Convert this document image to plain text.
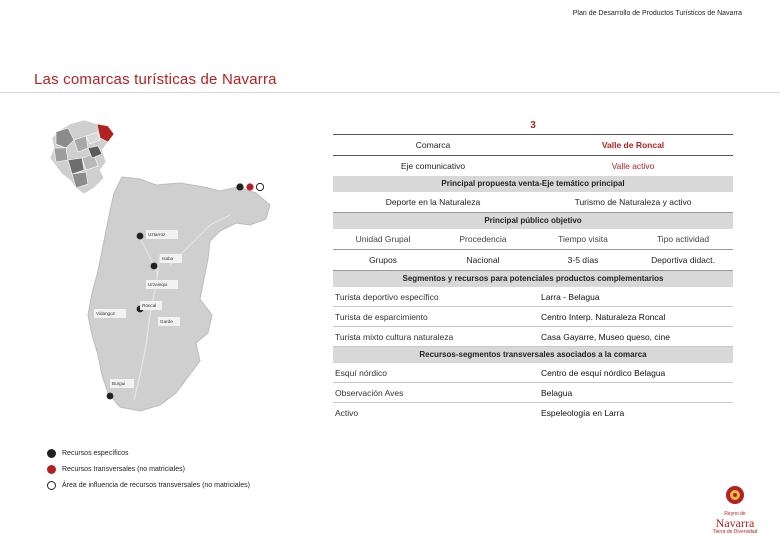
Plan de Desarrollo de Productos Turísticos de Navarra
Las comarcas turísticas de Navarra
Uztarroz
Isaba
Urzainqui
Roncal
Vidangoz
Garde
Burgui
3
Comarca	Valle de Roncal
Eje comunicativo	Valle activo
Principal propuesta venta-Eje temático principal
Deporte en la Naturaleza	Turismo de Naturaleza y activo
Principal público objetivo
Unidad Grupal	Procedencia	Tiempo visita	Tipo actividad
Grupos	Nacional	3-5 días	Deportiva didact.
Segmentos y recursos para potenciales productos complementarios
Turista deportivo específico	Larra - Belagua
Turista de esparcimiento	Centro Interp. Naturaleza Roncal
Turista mixto cultura naturaleza	Casa Gayarre, Museo queso, cine
Recursos-segmentos transversales asociados a la comarca
Esquí nórdico	Centro de esquí nórdico Belagua
Observación Aves	Belagua
Activo	Espeleología en Larra
Recursos específicos
Recursos transversales (no matriciales)
Área de influencia de recursos transversales (no matriciales)
Reyno de
Navarra
Tierra de Diversidad
